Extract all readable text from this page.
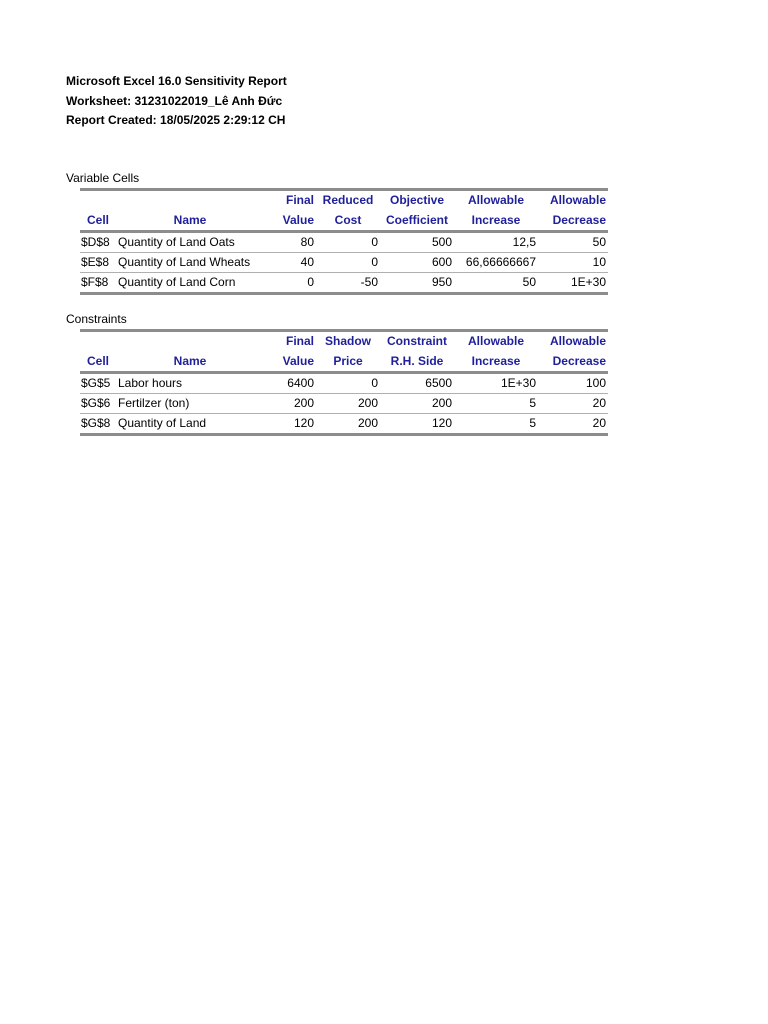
Microsoft Excel 16.0 Sensitivity Report
Worksheet: 31231022019_Lê Anh Đức
Report Created: 18/05/2025 2:29:12 CH
Variable Cells
		Final	Reduced	Objective	Allowable	Allowable
Cell	Name	Value	Cost	Coefficient	Increase	Decrease
$D$8	Quantity of Land Oats	80	0	500	12,5	50
$E$8	Quantity of Land Wheats	40	0	600	66,66666667	10
$F$8	Quantity of Land Corn	0	-50	950	50	1E+30
Constraints
		Final	Shadow	Constraint	Allowable	Allowable
Cell	Name	Value	Price	R.H. Side	Increase	Decrease
$G$5	Labor hours	6400	0	6500	1E+30	100
$G$6	Fertilzer (ton)	200	200	200	5	20
$G$8	Quantity of Land	120	200	120	5	20
